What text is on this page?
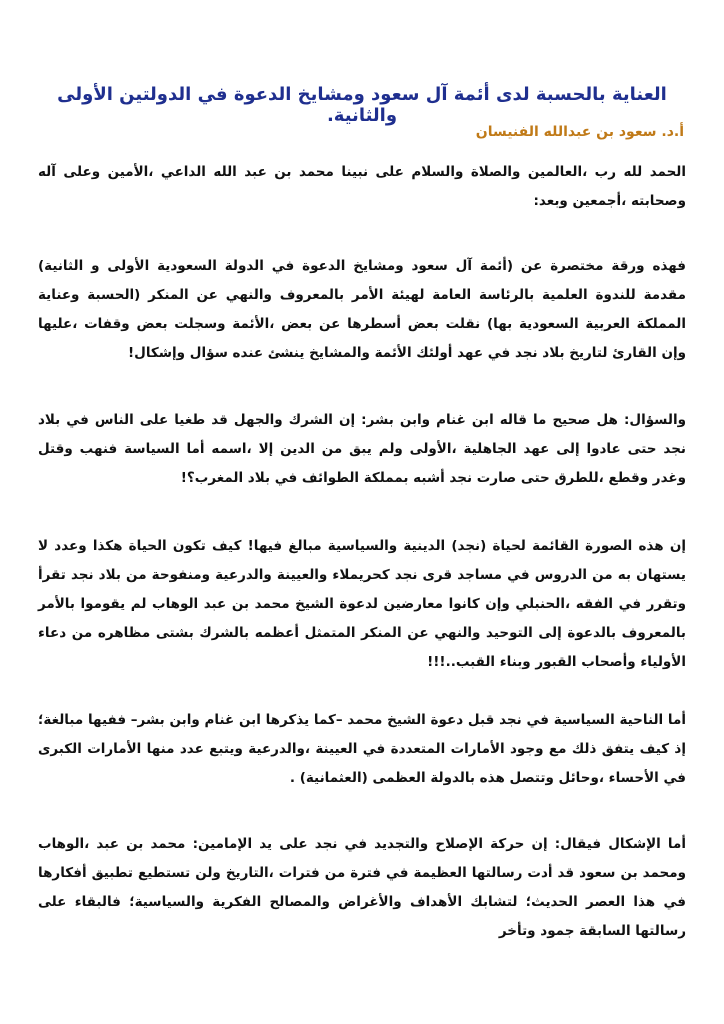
العناية بالحسبة لدى أئمة آل سعود ومشايخ الدعوة في الدولتين الأولى والثانية.
أ.د. سعود بن عبدالله الفنيسان

الحمد لله رب ،العالمين والصلاة والسلام على نبينا محمد بن عبد الله الداعي ،الأمين وعلى آله وصحابته ،أجمعين وبعد:

فهذه ورقة مختصرة عن (أئمة آل سعود ومشايخ الدعوة في الدولة السعودية الأولى و الثانية) مقدمة للندوة العلمية بالرئاسة العامة لهيئة الأمر بالمعروف والنهي عن المنكر (الحسبة وعناية المملكة العربية السعودية بها) نقلت بعض أسطرها عن بعض ،الأئمة وسجلت بعض وقفات ،عليها وإن القارئ لتاريخ بلاد نجد في عهد أولئك الأئمة والمشايخ ينشئ عنده سؤال وإشكال!

والسؤال: هل صحيح ما قاله ابن غنام وابن بشر: إن الشرك والجهل قد طغيا على الناس في بلاد نجد حتى عادوا إلى عهد الجاهلية ،الأولى ولم يبق من الدين إلا ،اسمه أما السياسة فنهب وقتل وغدر وقطع ،للطرق حتى صارت نجد أشبه بمملكة الطوائف في بلاد المغرب؟!

إن هذه الصورة القائمة لحياة (نجد) الدينية والسياسية مبالغ فيها! كيف تكون الحياة هكذا وعدد لا يستهان به من الدروس في مساجد قرى نجد كحريملاء والعيينة والدرعية ومنفوحة من بلاد نجد تقرأ وتقرر في الفقه ،الحنبلي وإن كانوا معارضين لدعوة الشيخ محمد بن عبد الوهاب لم يقوموا بالأمر بالمعروف بالدعوة إلى التوحيد والنهي عن المنكر المتمثل أعظمه بالشرك بشتى مظاهره من دعاء الأولياء وأصحاب القبور وبناء القبب..!!!

أما الناحية السياسية في نجد قبل دعوة الشيخ محمد –كما يذكرها ابن غنام وابن بشر– ففيها مبالغة؛ إذ كيف يتفق ذلك مع وجود الأمارات المتعددة في العيينة ،والدرعية ويتبع عدد منها الأمارات الكبرى في الأحساء ،وحائل وتتصل هذه بالدولة العظمى (العثمانية) .

أما الإشكال فيقال: إن حركة الإصلاح والتجديد في نجد على يد الإمامين: محمد بن عبد ،الوهاب ومحمد بن سعود قد أدت رسالتها العظيمة في فترة من فترات ،التاريخ ولن تستطيع تطبيق أفكارها في هذا العصر الحديث؛ لتشابك الأهداف والأغراض والمصالح الفكرية والسياسية؛ فالبقاء على رسالتها السابقة جمود وتأخر
